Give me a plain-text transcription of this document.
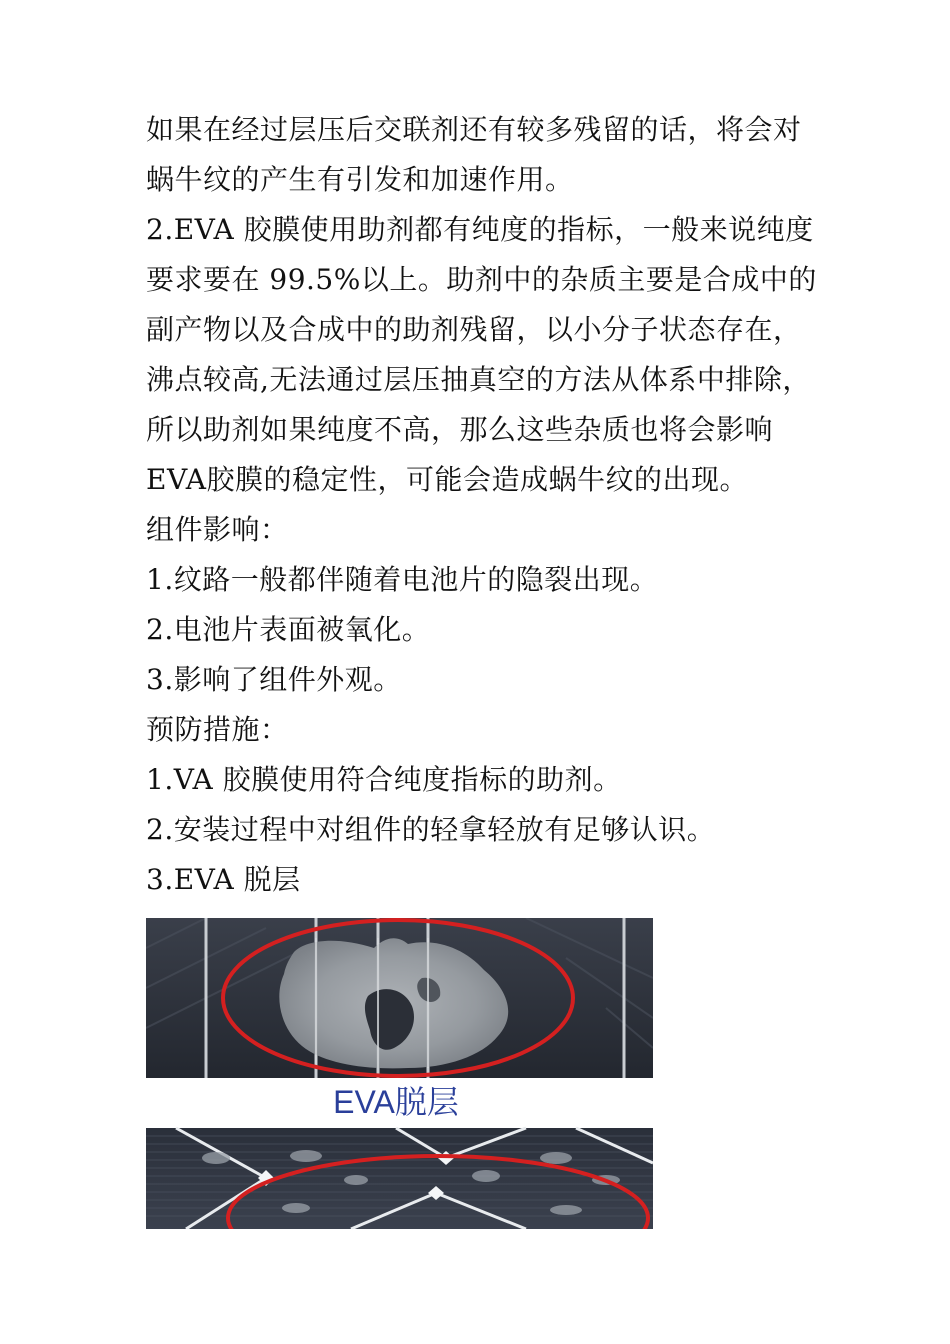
如果在经过层压后交联剂还有较多残留的话，将会对
蜗牛纹的产生有引发和加速作用。
2.EVA 胶膜使用助剂都有纯度的指标，一般来说纯度
要求要在 99.5%以上。助剂中的杂质主要是合成中的
副产物以及合成中的助剂残留，以小分子状态存在，
沸点较高,无法通过层压抽真空的方法从体系中排除，
所以助剂如果纯度不高，那么这些杂质也将会影响
EVA胶膜的稳定性，可能会造成蜗牛纹的出现。
组件影响：
1.纹路一般都伴随着电池片的隐裂出现。
2.电池片表面被氧化。
3.影响了组件外观。
预防措施：
1.VA 胶膜使用符合纯度指标的助剂。
2.安装过程中对组件的轻拿轻放有足够认识。
3.EVA 脱层
EVA脱层
